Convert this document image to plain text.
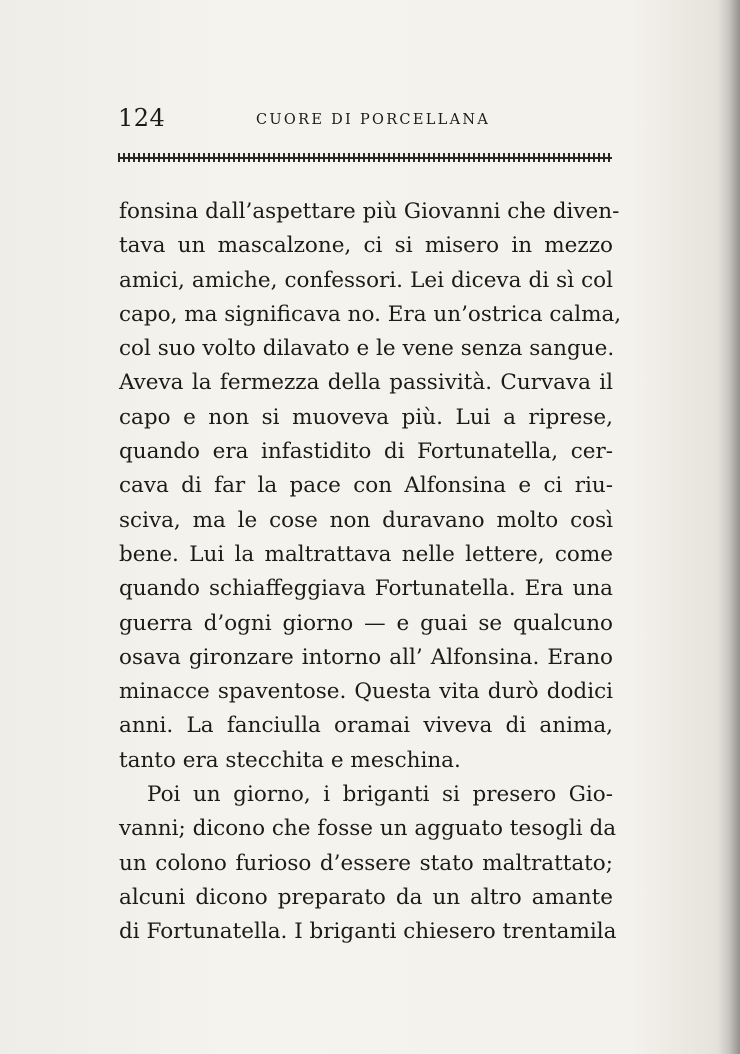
124	CUORE DI PORCELLANA
fonsina dall’aspettare più Giovanni che diven-
tava un mascalzone, ci si misero in mezzo
amici, amiche, confessori. Lei diceva di sì col
capo, ma significava no. Era un’ostrica calma,
col suo volto dilavato e le vene senza sangue.
Aveva la fermezza della passività. Curvava il
capo e non si muoveva più. Lui a riprese,
quando era infastidito di Fortunatella, cer-
cava di far la pace con Alfonsina e ci riu-
sciva, ma le cose non duravano molto così
bene. Lui la maltrattava nelle lettere, come
quando schiaffeggiava Fortunatella. Era una
guerra d’ogni giorno — e guai se qualcuno
osava gironzare intorno all’ Alfonsina. Erano
minacce spaventose. Questa vita durò dodici
anni. La fanciulla oramai viveva di anima,
tanto era stecchita e meschina.
Poi un giorno, i briganti si presero Gio-
vanni; dicono che fosse un agguato tesogli da
un colono furioso d’essere stato maltrattato;
alcuni dicono preparato da un altro amante
di Fortunatella. I briganti chiesero trentamila
